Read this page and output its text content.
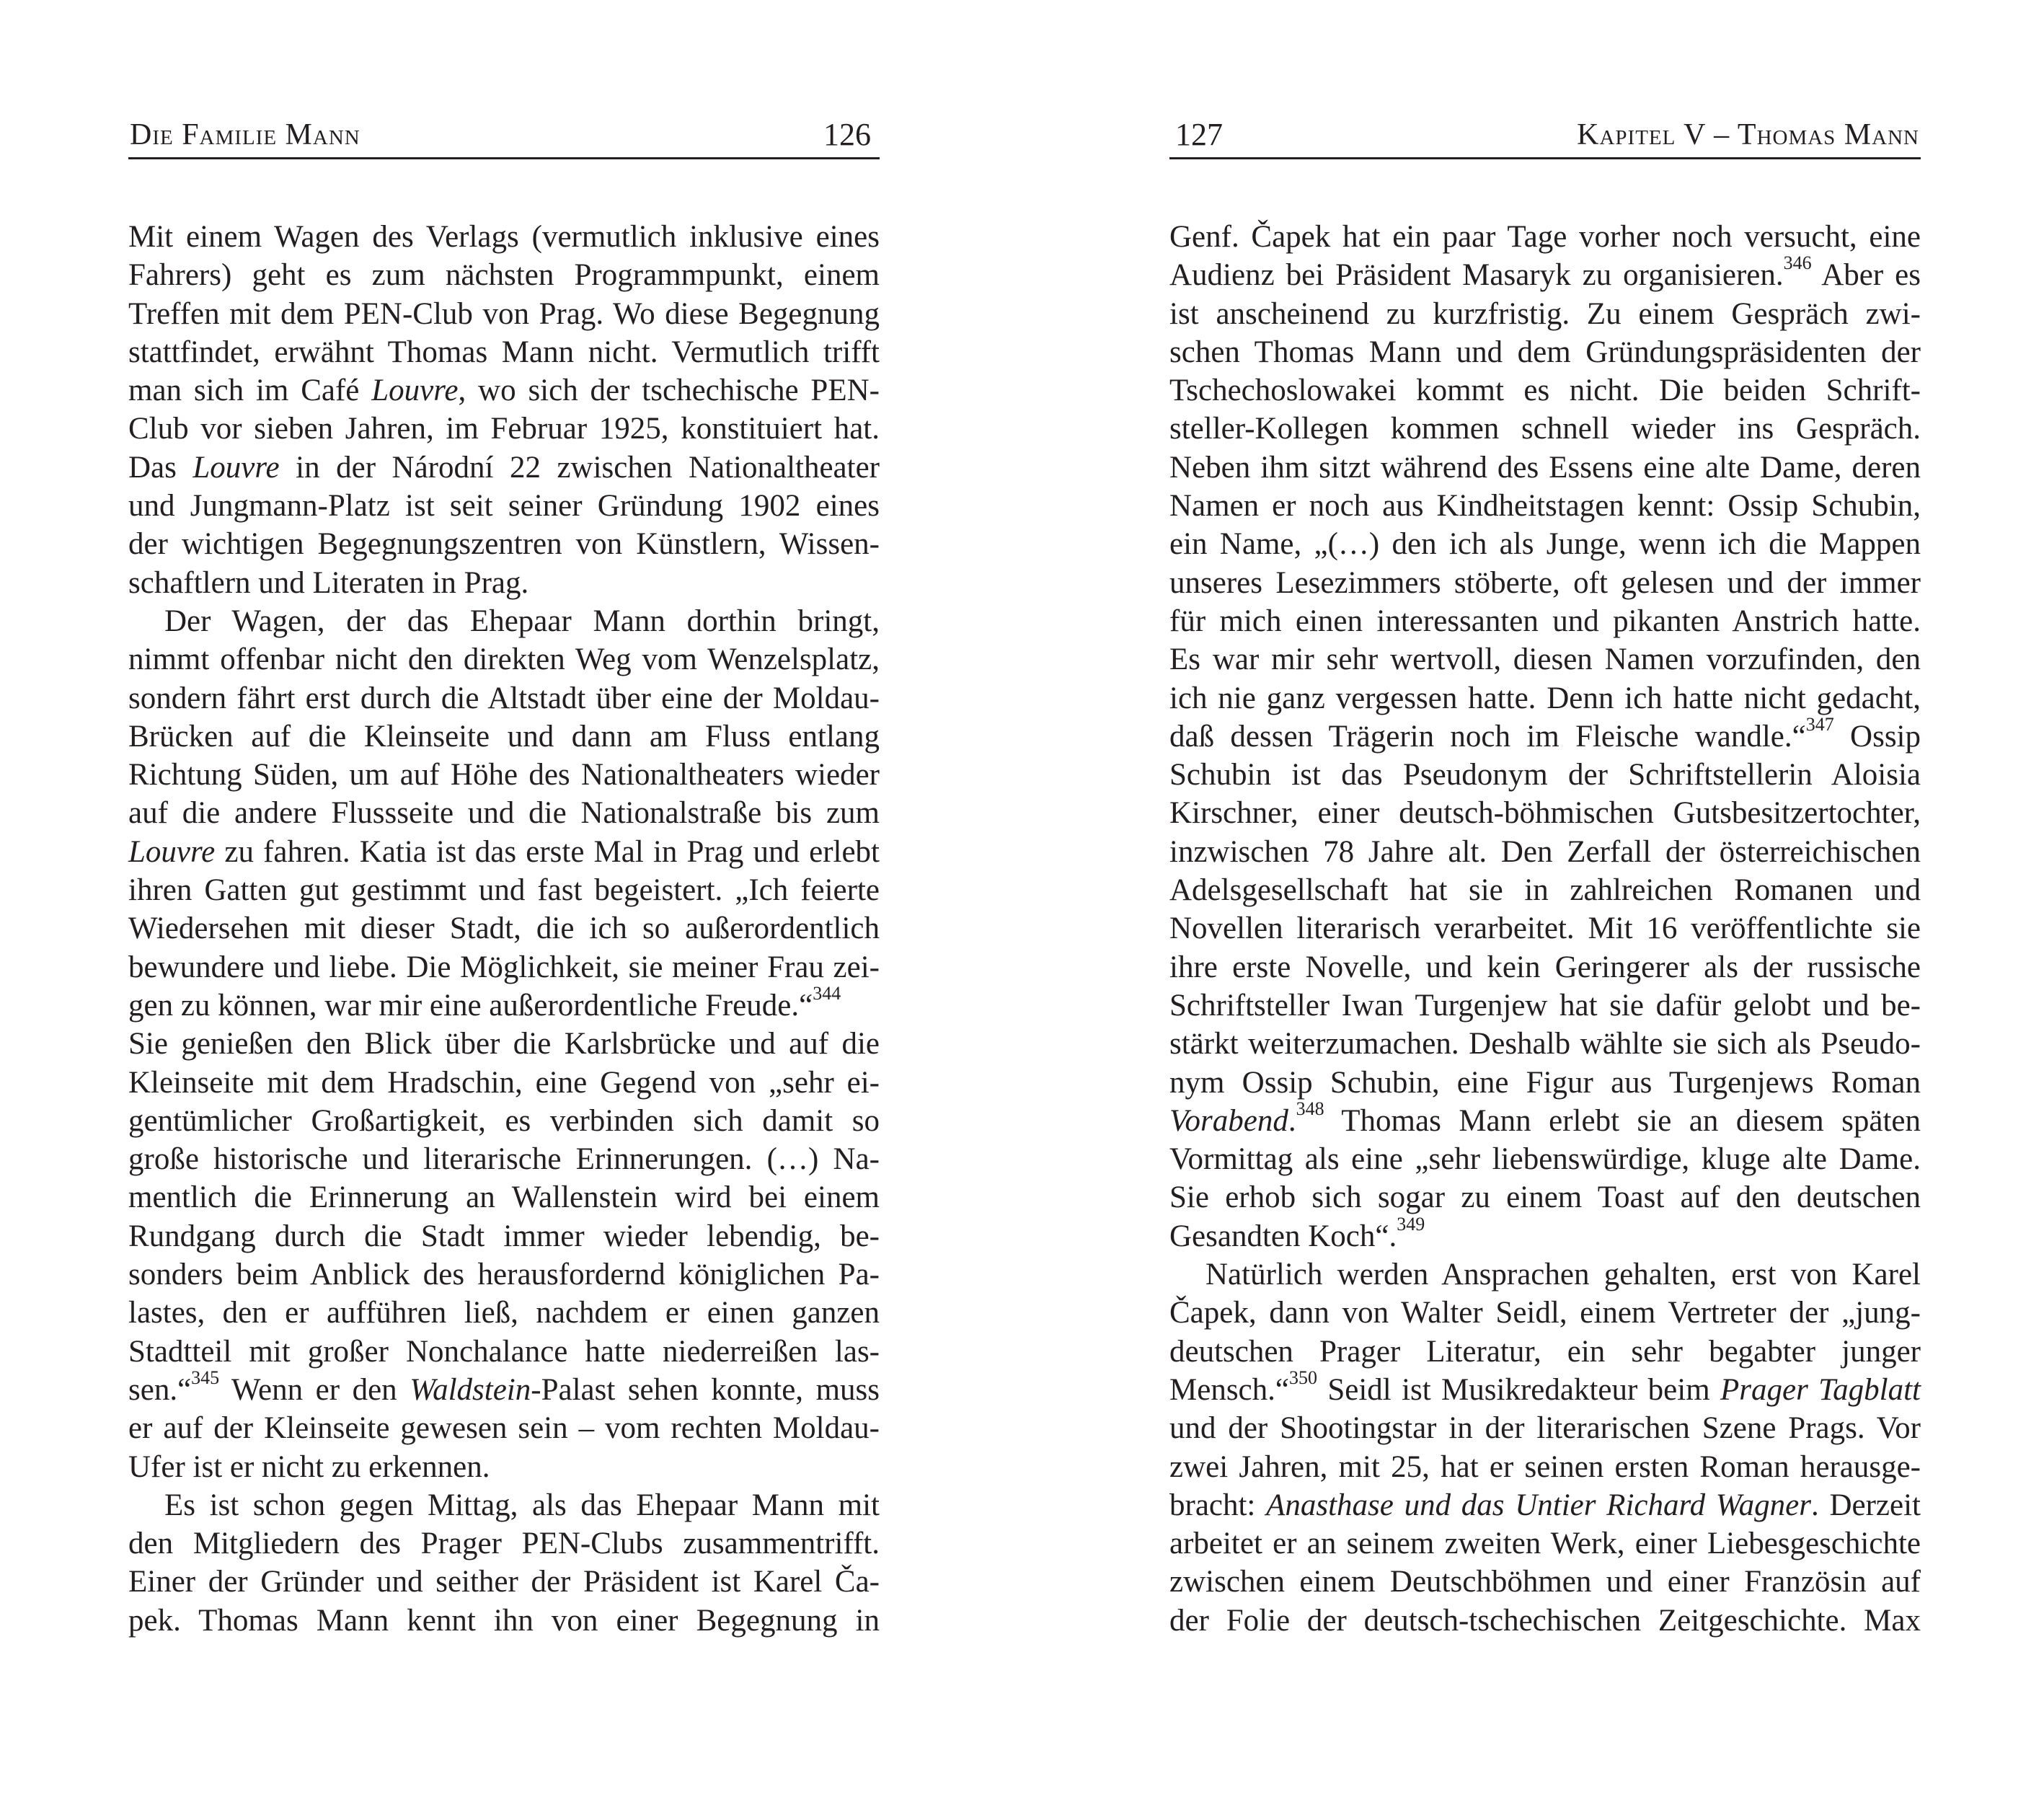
Die Familie Mann	126
Mit einem Wagen des Verlags (vermutlich inklusive eines
Fahrers) geht es zum nächsten Programmpunkt, einem
Treffen mit dem PEN-Club von Prag. Wo diese Begegnung
stattfindet, erwähnt Thomas Mann nicht. Vermutlich trifft
man sich im Café Louvre, wo sich der tschechische PEN-
Club vor sieben Jahren, im Februar 1925, konstituiert hat.
Das Louvre in der Národní 22 zwischen Nationaltheater
und Jungmann-Platz ist seit seiner Gründung 1902 eines
der wichtigen Begegnungszentren von Künstlern, Wissen-
schaftlern und Literaten in Prag.
Der Wagen, der das Ehepaar Mann dorthin bringt,
nimmt offenbar nicht den direkten Weg vom Wenzelsplatz,
sondern fährt erst durch die Altstadt über eine der Moldau-
Brücken auf die Kleinseite und dann am Fluss entlang
Richtung Süden, um auf Höhe des Nationaltheaters wieder
auf die andere Flussseite und die Nationalstraße bis zum
Louvre zu fahren. Katia ist das erste Mal in Prag und erlebt
ihren Gatten gut gestimmt und fast begeistert. „Ich feierte
Wiedersehen mit dieser Stadt, die ich so außerordentlich
bewundere und liebe. Die Möglichkeit, sie meiner Frau zei-
gen zu können, war mir eine außerordentliche Freude.“$^{344}$
Sie genießen den Blick über die Karlsbrücke und auf die
Kleinseite mit dem Hradschin, eine Gegend von „sehr ei-
gentümlicher Großartigkeit, es verbinden sich damit so
große historische und literarische Erinnerungen. (…) Na-
mentlich die Erinnerung an Wallenstein wird bei einem
Rundgang durch die Stadt immer wieder lebendig, be-
sonders beim Anblick des herausfordernd königlichen Pa-
lastes, den er aufführen ließ, nachdem er einen ganzen
Stadtteil mit großer Nonchalance hatte niederreißen las-
sen.“$^{345}$ Wenn er den Waldstein-Palast sehen konnte, muss
er auf der Kleinseite gewesen sein – vom rechten Moldau-
Ufer ist er nicht zu erkennen.
Es ist schon gegen Mittag, als das Ehepaar Mann mit
den Mitgliedern des Prager PEN-Clubs zusammentrifft.
Einer der Gründer und seither der Präsident ist Karel Ča-
pek. Thomas Mann kennt ihn von einer Begegnung in
127	Kapitel V – Thomas Mann
Genf. Čapek hat ein paar Tage vorher noch versucht, eine
Audienz bei Präsident Masaryk zu organisieren.$^{346}$ Aber es
ist anscheinend zu kurzfristig. Zu einem Gespräch zwi-
schen Thomas Mann und dem Gründungspräsidenten der
Tschechoslowakei kommt es nicht. Die beiden Schrift-
steller-Kollegen kommen schnell wieder ins Gespräch.
Neben ihm sitzt während des Essens eine alte Dame, deren
Namen er noch aus Kindheitstagen kennt: Ossip Schubin,
ein Name, „(…) den ich als Junge, wenn ich die Mappen
unseres Lesezimmers stöberte, oft gelesen und der immer
für mich einen interessanten und pikanten Anstrich hatte.
Es war mir sehr wertvoll, diesen Namen vorzufinden, den
ich nie ganz vergessen hatte. Denn ich hatte nicht gedacht,
daß dessen Trägerin noch im Fleische wandle.“$^{347}$ Ossip
Schubin ist das Pseudonym der Schriftstellerin Aloisia
Kirschner, einer deutsch-böhmischen Gutsbesitzertochter,
inzwischen 78 Jahre alt. Den Zerfall der österreichischen
Adelsgesellschaft hat sie in zahlreichen Romanen und
Novellen literarisch verarbeitet. Mit 16 veröffentlichte sie
ihre erste Novelle, und kein Geringerer als der russische
Schriftsteller Iwan Turgenjew hat sie dafür gelobt und be-
stärkt weiterzumachen. Deshalb wählte sie sich als Pseudo-
nym Ossip Schubin, eine Figur aus Turgenjews Roman
Vorabend.$^{348}$ Thomas Mann erlebt sie an diesem späten
Vormittag als eine „sehr liebenswürdige, kluge alte Dame.
Sie erhob sich sogar zu einem Toast auf den deutschen
Gesandten Koch“.$^{349}$
Natürlich werden Ansprachen gehalten, erst von Karel
Čapek, dann von Walter Seidl, einem Vertreter der „jung-
deutschen Prager Literatur, ein sehr begabter junger
Mensch.“$^{350}$ Seidl ist Musikredakteur beim Prager Tagblatt
und der Shootingstar in der literarischen Szene Prags. Vor
zwei Jahren, mit 25, hat er seinen ersten Roman herausge-
bracht: Anasthase und das Untier Richard Wagner. Derzeit
arbeitet er an seinem zweiten Werk, einer Liebesgeschichte
zwischen einem Deutschböhmen und einer Französin auf
der Folie der deutsch-tschechischen Zeitgeschichte. Max
